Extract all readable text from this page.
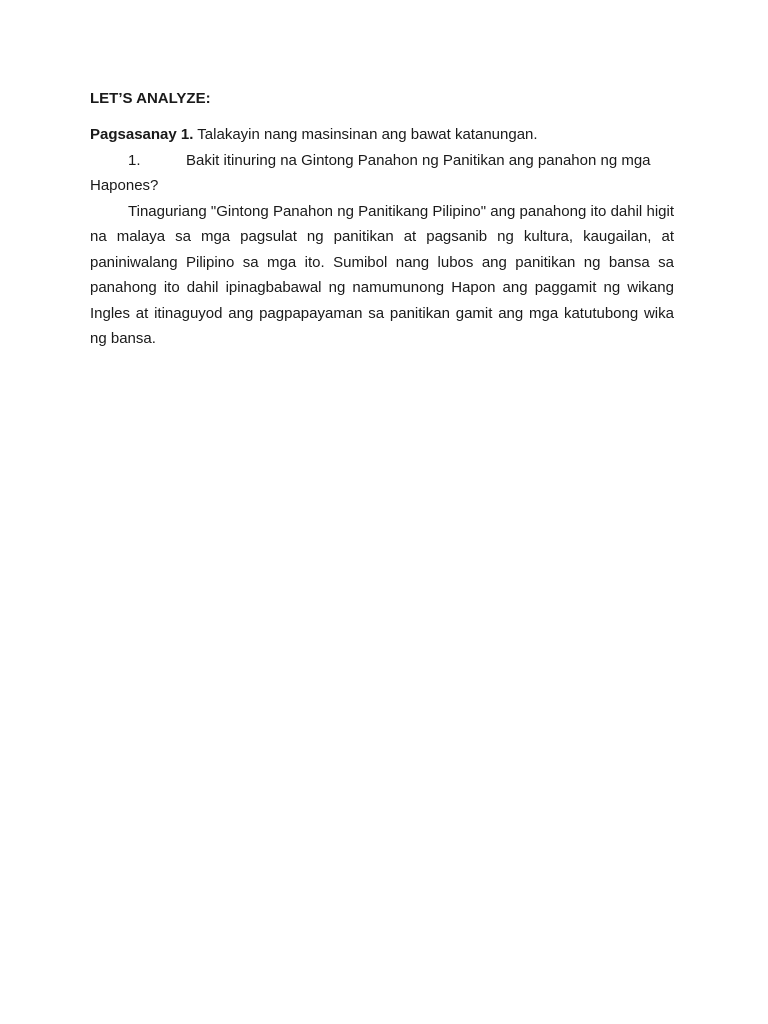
LET’S ANALYZE:

Pagsasanay 1. Talakayin nang masinsinan ang bawat katanungan.

1.	Bakit itinuring na Gintong Panahon ng Panitikan ang panahon ng mga

Hapones?

Tinaguriang "Gintong Panahon ng Panitikang Pilipino" ang panahong ito dahil higit na malaya sa mga pagsulat ng panitikan at pagsanib ng kultura, kaugailan, at paniniwalang Pilipino sa mga ito. Sumibol nang lubos ang panitikan ng bansa sa panahong ito dahil ipinagbabawal ng namumunong Hapon ang paggamit ng wikang Ingles at itinaguyod ang pagpapayaman sa panitikan gamit ang mga katutubong wika ng bansa.
